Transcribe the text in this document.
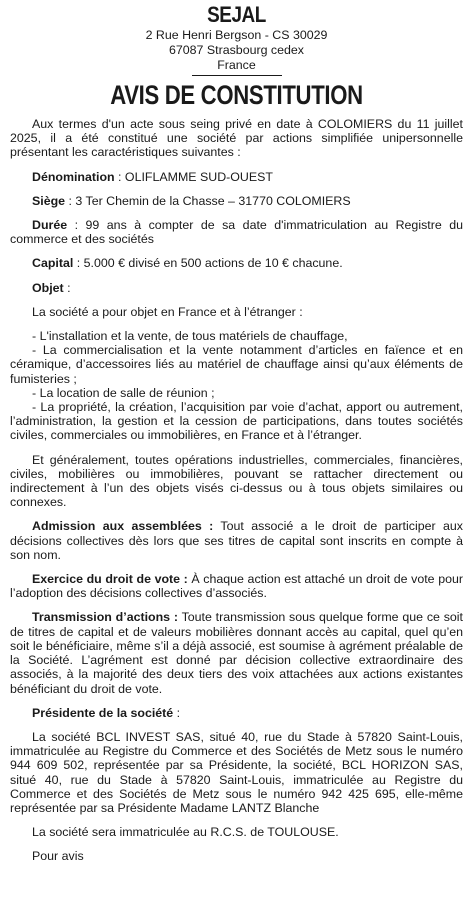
SEJAL
2 Rue Henri Bergson - CS 30029
67087 Strasbourg cedex
France
AVIS DE CONSTITUTION

Aux termes d'un acte sous seing privé en date à COLOMIERS du 11 juillet 2025, il a été constitué une société par actions simplifiée unipersonnelle présentant les caractéristiques suivantes :

Dénomination : OLIFLAMME SUD-OUEST

Siège : 3 Ter Chemin de la Chasse – 31770 COLOMIERS

Durée : 99 ans à compter de sa date d'immatriculation au Registre du commerce et des sociétés

Capital : 5.000 € divisé en 500 actions de 10 € chacune.

Objet :

La société a pour objet en France et à l’étranger :

- L'installation et la vente, de tous matériels de chauffage,
- La commercialisation et la vente notamment d’articles en faïence et en céramique, d’accessoires liés au matériel de chauffage ainsi qu’aux éléments de fumisteries ;
- La location de salle de réunion ;
- La propriété, la création, l’acquisition par voie d’achat, apport ou autrement, l’administration, la gestion et la cession de participations, dans toutes sociétés civiles, commerciales ou immobilières, en France et à l’étranger.

Et généralement, toutes opérations industrielles, commerciales, financières, civiles, mobilières ou immobilières, pouvant se rattacher directement ou indirectement à l’un des objets visés ci-dessus ou à tous objets similaires ou connexes.

Admission aux assemblées : Tout associé a le droit de participer aux décisions collectives dès lors que ses titres de capital sont inscrits en compte à son nom.

Exercice du droit de vote : À chaque action est attaché un droit de vote pour l’adoption des décisions collectives d’associés.

Transmission d’actions : Toute transmission sous quelque forme que ce soit de titres de capital et de valeurs mobilières donnant accès au capital, quel qu’en soit le bénéficiaire, même s’il a déjà associé, est soumise à agrément préalable de la Société. L’agrément est donné par décision collective extraordinaire des associés, à la majorité des deux tiers des voix attachées aux actions existantes bénéficiant du droit de vote.

Présidente de la société :

La société BCL INVEST SAS, situé 40, rue du Stade à 57820 Saint-Louis, immatriculée au Registre du Commerce et des Sociétés de Metz sous le numéro 944 609 502, représentée par sa Présidente, la société, BCL HORIZON SAS, situé 40, rue du Stade à 57820 Saint-Louis, immatriculée au Registre du Commerce et des Sociétés de Metz sous le numéro 942 425 695, elle-même représentée par sa Présidente Madame LANTZ Blanche

La société sera immatriculée au R.C.S. de TOULOUSE.

Pour avis
